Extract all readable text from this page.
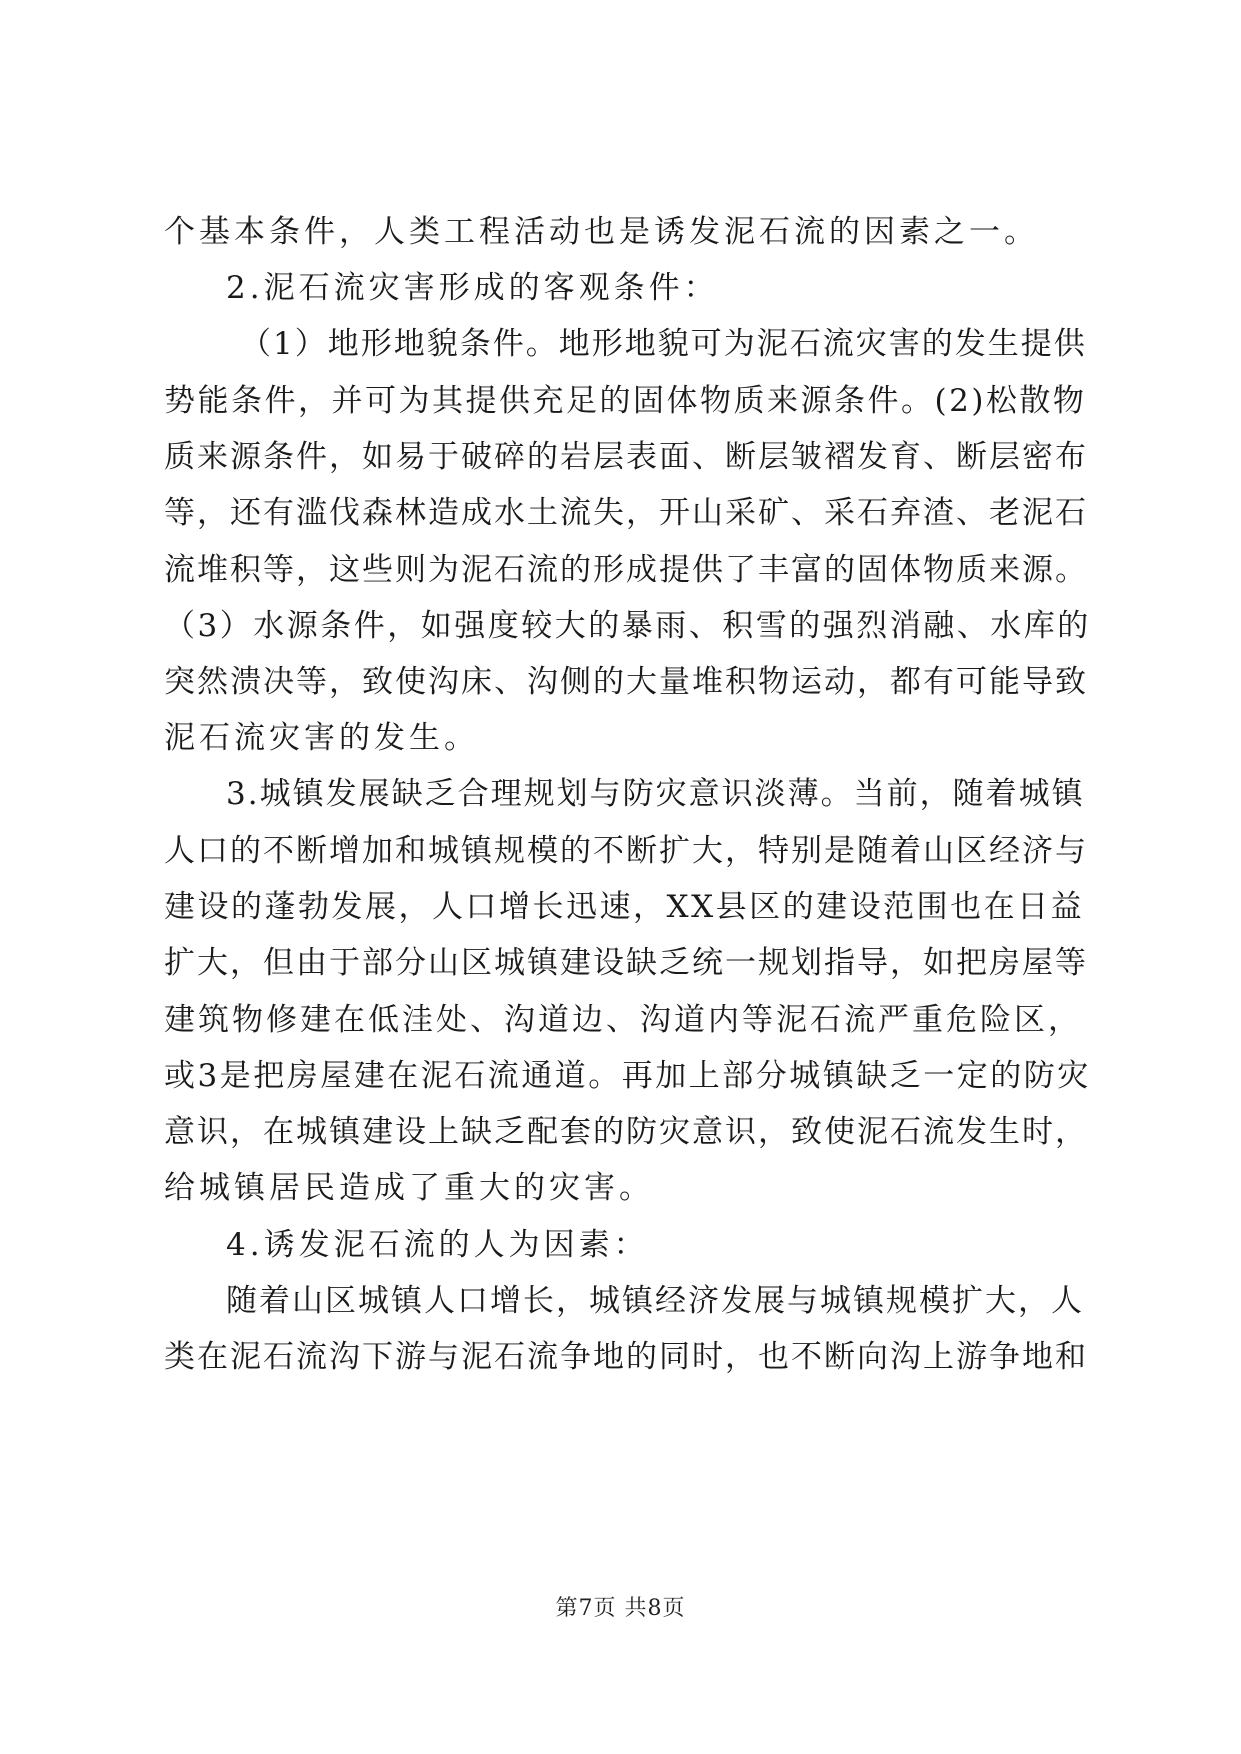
个基本条件，人类工程活动也是诱发泥石流的因素之一。
2.泥石流灾害形成的客观条件：
（1）地形地貌条件。地形地貌可为泥石流灾害的发生提供
势能条件，并可为其提供充足的固体物质来源条件。(2)松散物
质来源条件，如易于破碎的岩层表面、断层皱褶发育、断层密布
等，还有滥伐森林造成水土流失，开山采矿、采石弃渣、老泥石
流堆积等，这些则为泥石流的形成提供了丰富的固体物质来源。
（3）水源条件，如强度较大的暴雨、积雪的强烈消融、水库的
突然溃决等，致使沟床、沟侧的大量堆积物运动，都有可能导致
泥石流灾害的发生。
3.城镇发展缺乏合理规划与防灾意识淡薄。当前，随着城镇
人口的不断增加和城镇规模的不断扩大，特别是随着山区经济与
建设的蓬勃发展，人口增长迅速，XX县区的建设范围也在日益
扩大，但由于部分山区城镇建设缺乏统一规划指导，如把房屋等
建筑物修建在低洼处、沟道边、沟道内等泥石流严重危险区，
或3是把房屋建在泥石流通道。再加上部分城镇缺乏一定的防灾
意识，在城镇建设上缺乏配套的防灾意识，致使泥石流发生时，
给城镇居民造成了重大的灾害。
4.诱发泥石流的人为因素：
随着山区城镇人口增长，城镇经济发展与城镇规模扩大，人
类在泥石流沟下游与泥石流争地的同时，也不断向沟上游争地和
第7页 共8页
